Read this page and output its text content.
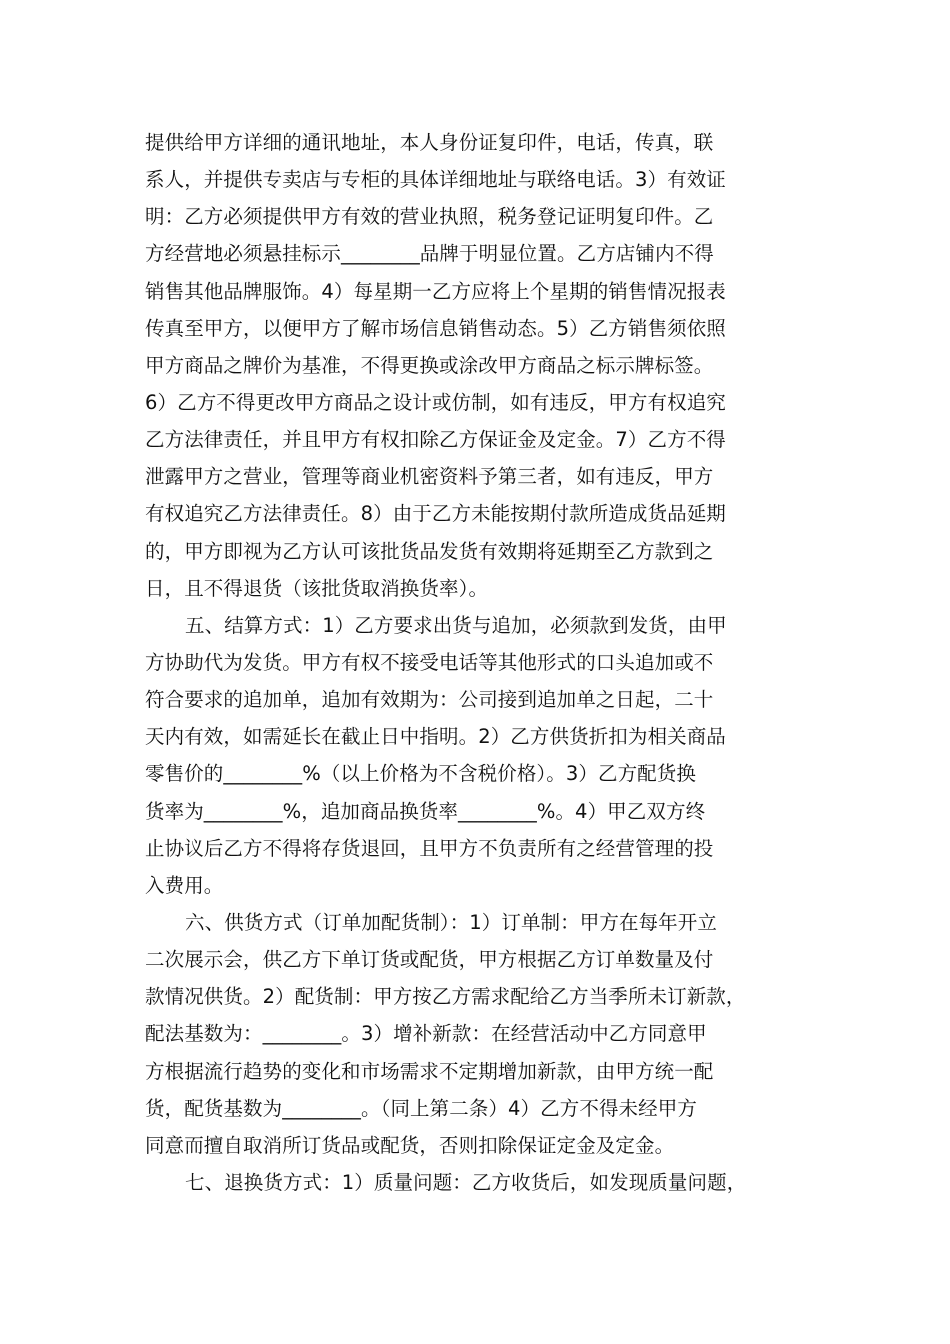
提供给甲方详细的通讯地址，本人身份证复印件，电话，传真，联
系人，并提供专卖店与专柜的具体详细地址与联络电话。3）有效证
明：乙方必须提供甲方有效的营业执照，税务登记证明复印件。乙
方经营地必须悬挂标示________品牌于明显位置。乙方店铺内不得
销售其他品牌服饰。4）每星期一乙方应将上个星期的销售情况报表
传真至甲方，以便甲方了解市场信息销售动态。5）乙方销售须依照
甲方商品之牌价为基准，不得更换或涂改甲方商品之标示牌标签。
6）乙方不得更改甲方商品之设计或仿制，如有违反，甲方有权追究
乙方法律责任，并且甲方有权扣除乙方保证金及定金。7）乙方不得
泄露甲方之营业，管理等商业机密资料予第三者，如有违反，甲方
有权追究乙方法律责任。8）由于乙方未能按期付款所造成货品延期
的，甲方即视为乙方认可该批货品发货有效期将延期至乙方款到之
日，且不得退货（该批货取消换货率）。
五、结算方式：1）乙方要求出货与追加，必须款到发货，由甲
方协助代为发货。甲方有权不接受电话等其他形式的口头追加或不
符合要求的追加单，追加有效期为：公司接到追加单之日起，二十
天内有效，如需延长在截止日中指明。2）乙方供货折扣为相关商品
零售价的________%（以上价格为不含税价格）。3）乙方配货换
货率为________%，追加商品换货率________%。4）甲乙双方终
止协议后乙方不得将存货退回，且甲方不负责所有之经营管理的投
入费用。
六、供货方式（订单加配货制）：1）订单制：甲方在每年开立
二次展示会，供乙方下单订货或配货，甲方根据乙方订单数量及付
款情况供货。2）配货制：甲方按乙方需求配给乙方当季所未订新款，
配法基数为：________。3）增补新款：在经营活动中乙方同意甲
方根据流行趋势的变化和市场需求不定期增加新款，由甲方统一配
货，配货基数为________。（同上第二条）4）乙方不得未经甲方
同意而擅自取消所订货品或配货，否则扣除保证定金及定金。
七、退换货方式：1）质量问题：乙方收货后，如发现质量问题，
